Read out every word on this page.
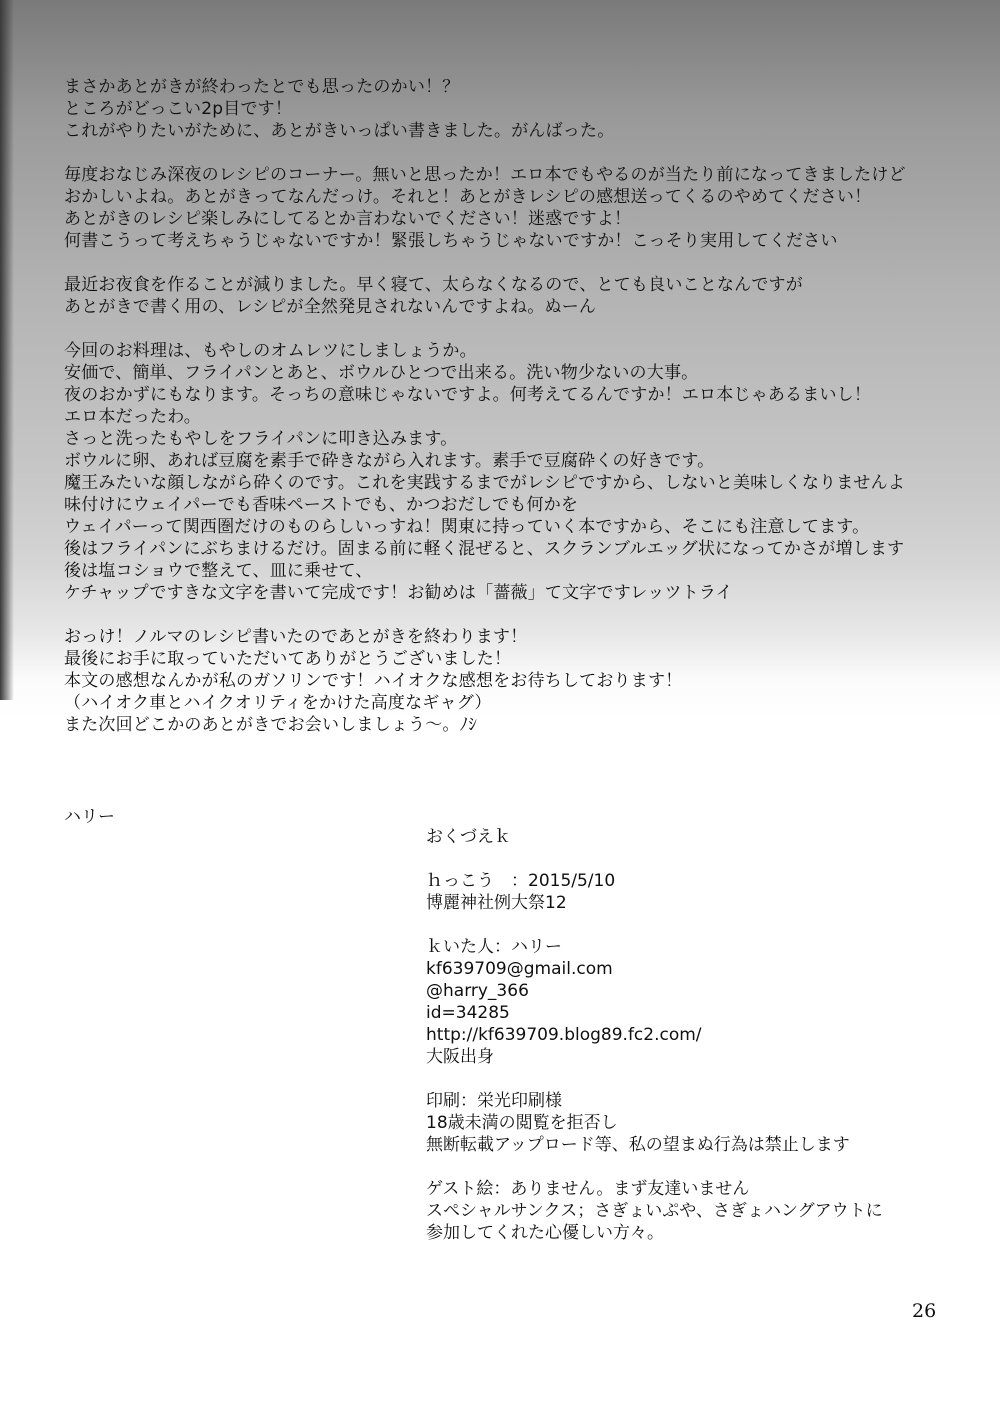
まさかあとがきが終わったとでも思ったのかい！？
ところがどっこい2p目です！
これがやりたいがために、あとがきいっぱい書きました。がんばった。
毎度おなじみ深夜のレシピのコーナー。無いと思ったか！エロ本でもやるのが当たり前になってきましたけど
おかしいよね。あとがきってなんだっけ。それと！あとがきレシピの感想送ってくるのやめてください！
あとがきのレシピ楽しみにしてるとか言わないでください！迷惑ですよ！
何書こうって考えちゃうじゃないですか！緊張しちゃうじゃないですか！こっそり実用してください
最近お夜食を作ることが減りました。早く寝て、太らなくなるので、とても良いことなんですが
あとがきで書く用の、レシピが全然発見されないんですよね。ぬーん
今回のお料理は、もやしのオムレツにしましょうか。
安価で、簡単、フライパンとあと、ボウルひとつで出来る。洗い物少ないの大事。
夜のおかずにもなります。そっちの意味じゃないですよ。何考えてるんですか！エロ本じゃあるまいし！
エロ本だったわ。
さっと洗ったもやしをフライパンに叩き込みます。
ボウルに卵、あれば豆腐を素手で砕きながら入れます。素手で豆腐砕くの好きです。
魔王みたいな顔しながら砕くのです。これを実践するまでがレシピですから、しないと美味しくなりませんよ
味付けにウェイパーでも香味ペーストでも、かつおだしでも何かを
ウェイパーって関西圏だけのものらしいっすね！関東に持っていく本ですから、そこにも注意してます。
後はフライパンにぶちまけるだけ。固まる前に軽く混ぜると、スクランブルエッグ状になってかさが増します
後は塩コショウで整えて、皿に乗せて、
ケチャップですきな文字を書いて完成です！お勧めは「薔薇」て文字ですレッツトライ
おっけ！ノルマのレシピ書いたのであとがきを終わります！
最後にお手に取っていただいてありがとうございました！
本文の感想なんかが私のガソリンです！ハイオクな感想をお待ちしております！
（ハイオク車とハイクオリティをかけた高度なギャグ）
また次回どこかのあとがきでお会いしましょう～。ﾉｼ
ハリー
おくづえｋ
ｈっこう　：2015/5/10
博麗神社例大祭12
ｋいた人：ハリー
kf639709@gmail.com
@harry_366
id=34285
http://kf639709.blog89.fc2.com/
大阪出身
印刷：栄光印刷様
18歳未満の閲覧を拒否し
無断転載アップロード等、私の望まぬ行為は禁止します
ゲスト絵：ありません。まず友達いません
スペシャルサンクス；さぎょいぷや、さぎょハングアウトに
参加してくれた心優しい方々。
26
